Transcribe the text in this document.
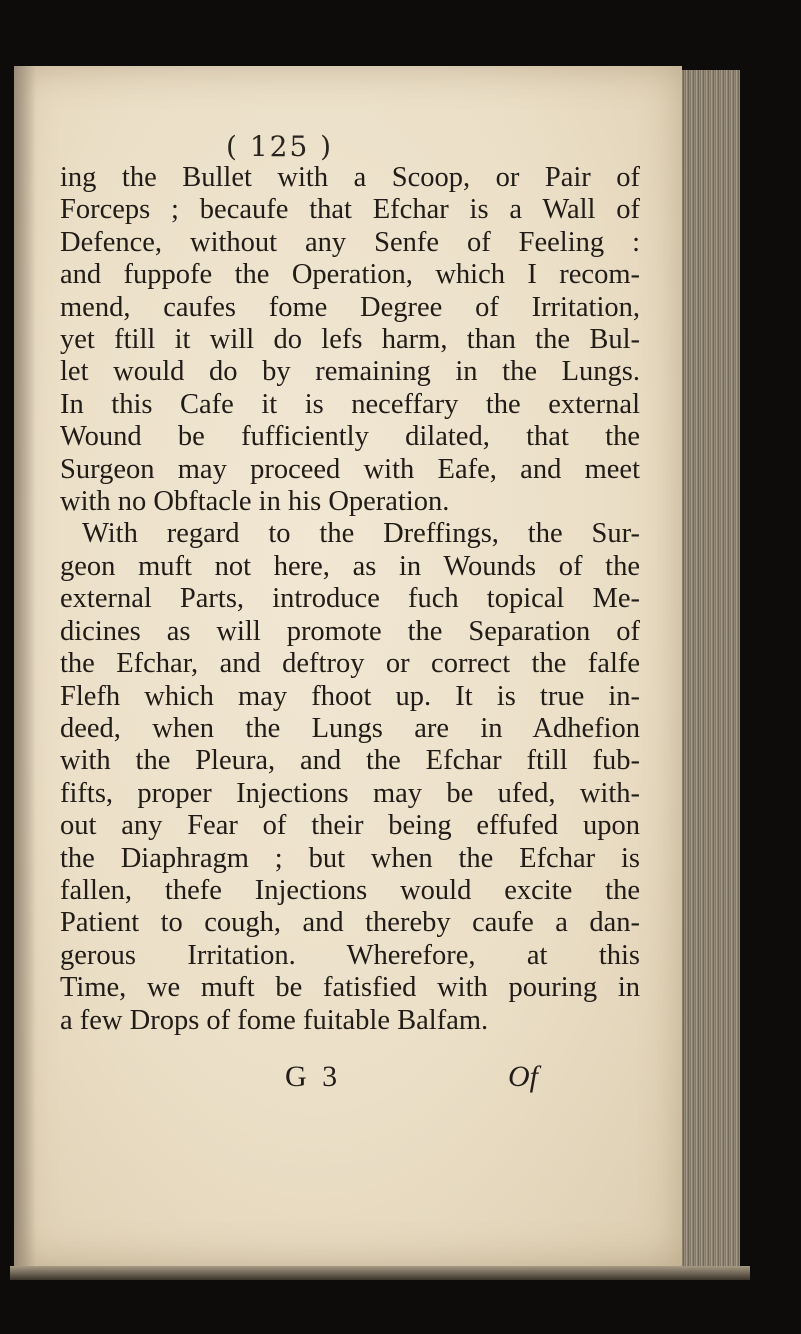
( 125 )
ing the Bullet with a Scoop, or Pair of
Forceps ; becaufe that Efchar is a Wall of
Defence, without any Senfe of Feeling :
and fuppofe the Operation, which I recom-
mend, caufes fome Degree of Irritation,
yet ftill it will do lefs harm, than the Bul-
let would do by remaining in the Lungs.
In this Cafe it is neceffary the external
Wound be fufficiently dilated, that the
Surgeon may proceed with Eafe, and meet
with no Obftacle in his Operation.
With regard to the Dreffings, the Sur-
geon muft not here, as in Wounds of the
external Parts, introduce fuch topical Me-
dicines as will promote the Separation of
the Efchar, and deftroy or correct the falfe
Flefh which may fhoot up. It is true in-
deed, when the Lungs are in Adhefion
with the Pleura, and the Efchar ftill fub-
fifts, proper Injections may be ufed, with-
out any Fear of their being effufed upon
the Diaphragm ; but when the Efchar is
fallen, thefe Injections would excite the
Patient to cough, and thereby caufe a dan-
gerous Irritation. Wherefore, at this
Time, we muft be fatisfied with pouring in
a few Drops of fome fuitable Balfam.
G 3	Of
